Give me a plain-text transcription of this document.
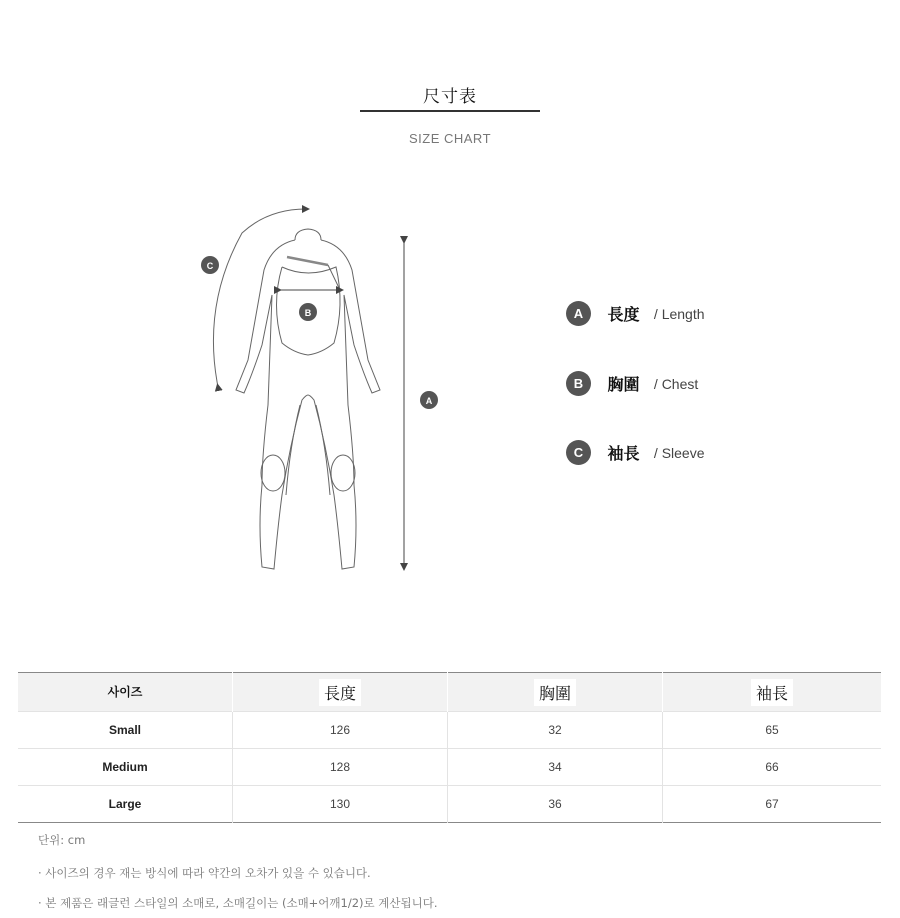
尺寸表
SIZE CHART
C
B
A
A 長度 / Length
B 胸圍 / Chest
C 袖長 / Sleeve
사이즈	長度	胸圍	袖長
Small	126	32	65
Medium	128	34	66
Large	130	36	67
단위: cm
· 사이즈의 경우 재는 방식에 따라 약간의 오차가 있을 수 있습니다.
· 본 제품은 래글런 스타일의 소매로, 소매길이는 (소매+어깨1/2)로 계산됩니다.
